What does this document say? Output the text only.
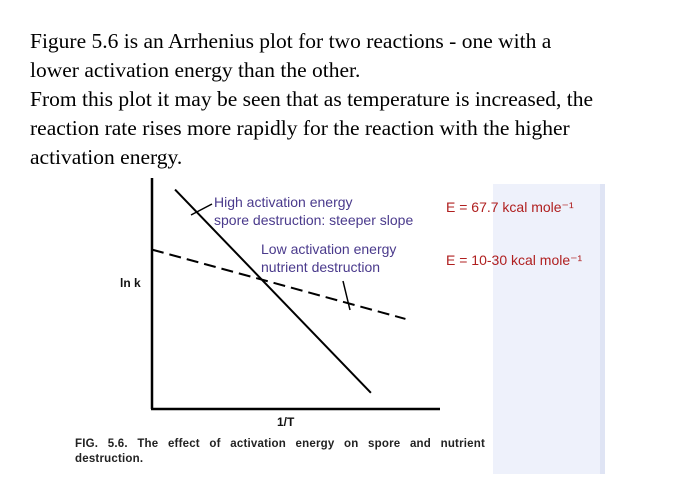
Figure 5.6 is an Arrhenius plot for two reactions - one with a
lower activation energy than the other.
From this plot it may be seen that as temperature is increased, the
reaction rate rises more rapidly for the reaction with the higher
activation energy.
ln k
1/T
High activation energy
spore destruction: steeper slope
Low activation energy
nutrient destruction
E = 67.7 kcal mole⁻¹
E = 10-30 kcal mole⁻¹
FIG. 5.6. The effect of activation energy on spore and nutrient destruction.
